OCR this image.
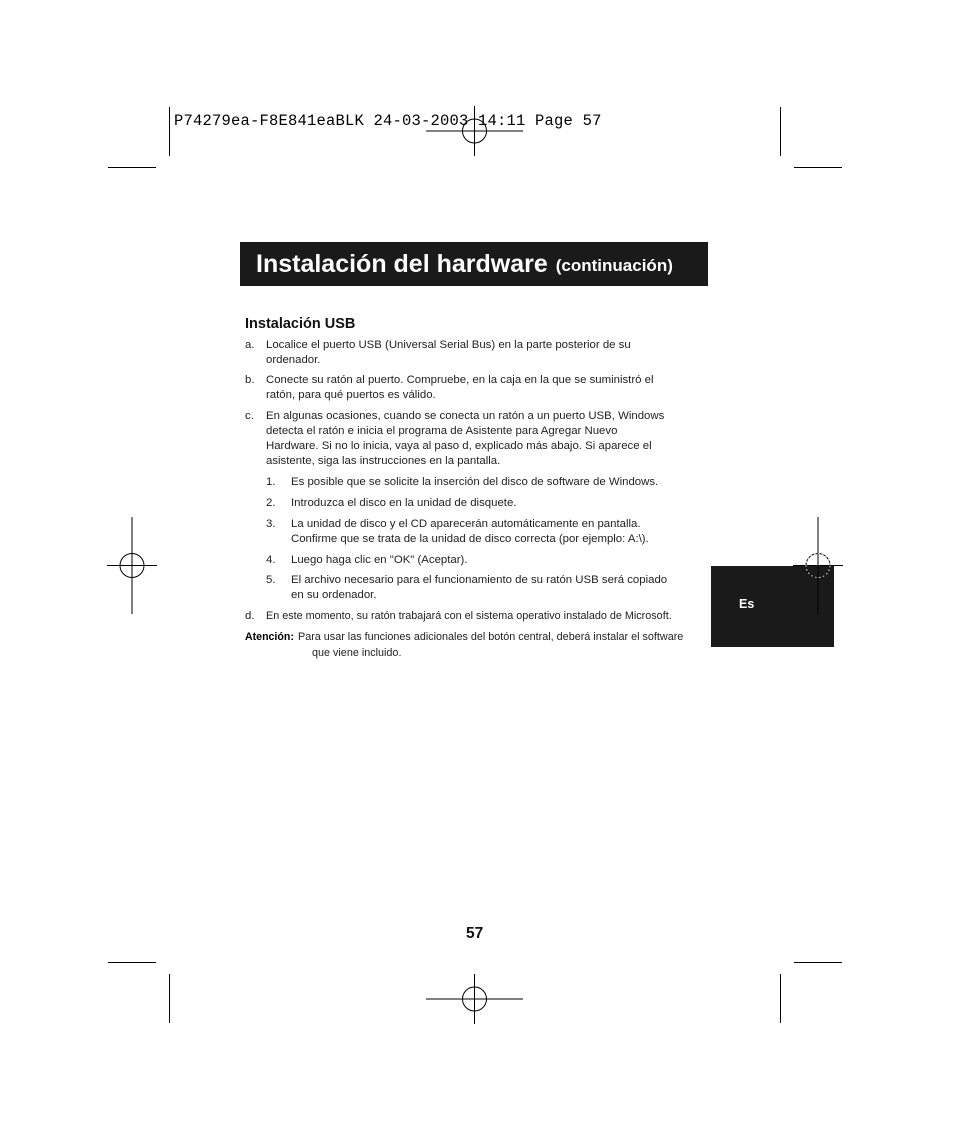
P74279ea-F8E841eaBLK 24-03-2003 14:11 Page 57
Instalación del hardware (continuación)
Instalación USB
a. Localice el puerto USB (Universal Serial Bus) en la parte posterior de su
ordenador.
b. Conecte su ratón al puerto. Compruebe, en la caja en la que se suministró el
ratón, para qué puertos es válido.
c. En algunas ocasiones, cuando se conecta un ratón a un puerto USB, Windows
detecta el ratón e inicia el programa de Asistente para Agregar Nuevo
Hardware. Si no lo inicia, vaya al paso d, explicado más abajo. Si aparece el
asistente, siga las instrucciones en la pantalla.
1. Es posible que se solicite la inserción del disco de software de Windows.
2. Introduzca el disco en la unidad de disquete.
3. La unidad de disco y el CD aparecerán automáticamente en pantalla.
Confirme que se trata de la unidad de disco correcta (por ejemplo: A:\).
4. Luego haga clic en "OK" (Aceptar).
5. El archivo necesario para el funcionamiento de su ratón USB será copiado
en su ordenador.
d. En este momento, su ratón trabajará con el sistema operativo instalado de Microsoft.
Atención: Para usar las funciones adicionales del botón central, deberá instalar el software
que viene incluido.
Es
57
